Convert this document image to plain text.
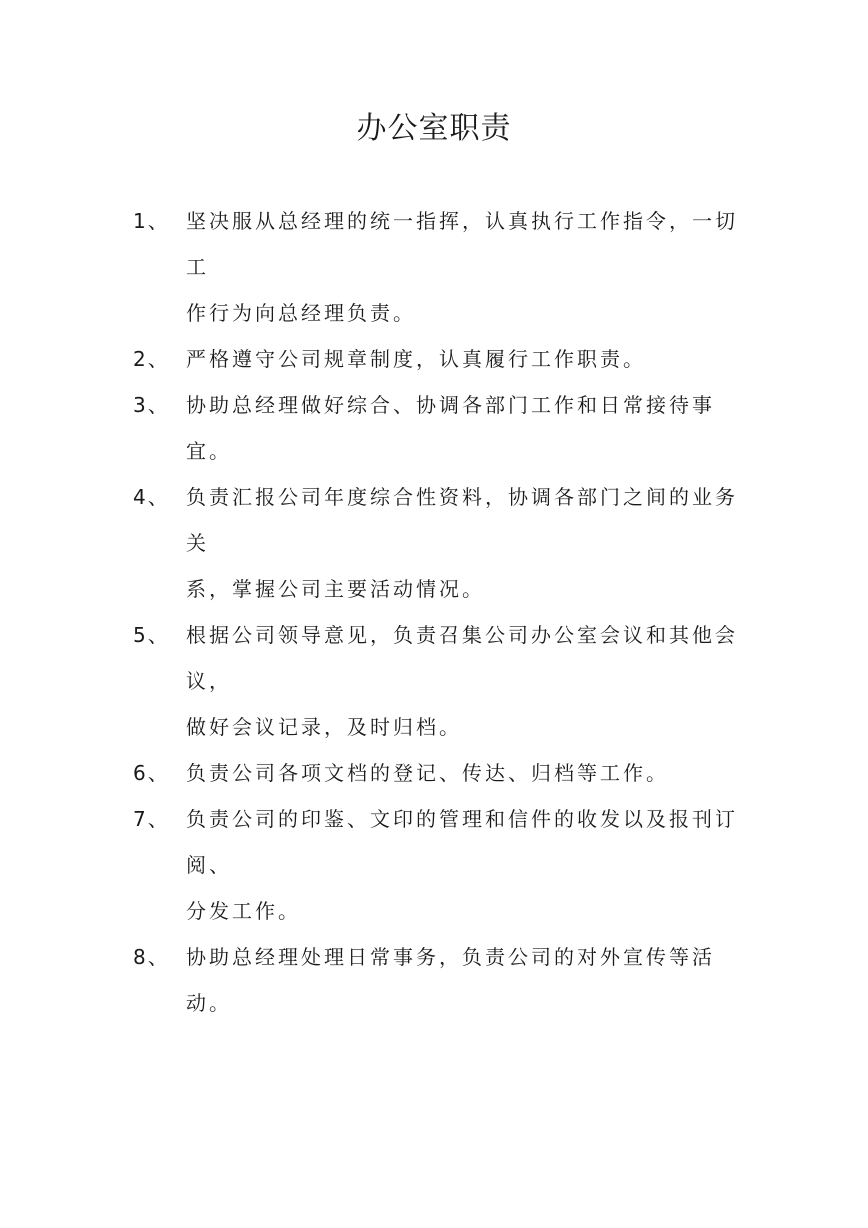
办公室职责
1、 坚决服从总经理的统一指挥，认真执行工作指令，一切工
作行为向总经理负责。
2、 严格遵守公司规章制度，认真履行工作职责。
3、 协助总经理做好综合、协调各部门工作和日常接待事宜。
4、 负责汇报公司年度综合性资料，协调各部门之间的业务关
系，掌握公司主要活动情况。
5、 根据公司领导意见，负责召集公司办公室会议和其他会议，
做好会议记录，及时归档。
6、 负责公司各项文档的登记、传达、归档等工作。
7、 负责公司的印鉴、文印的管理和信件的收发以及报刊订阅、
分发工作。
8、 协助总经理处理日常事务，负责公司的对外宣传等活动。
